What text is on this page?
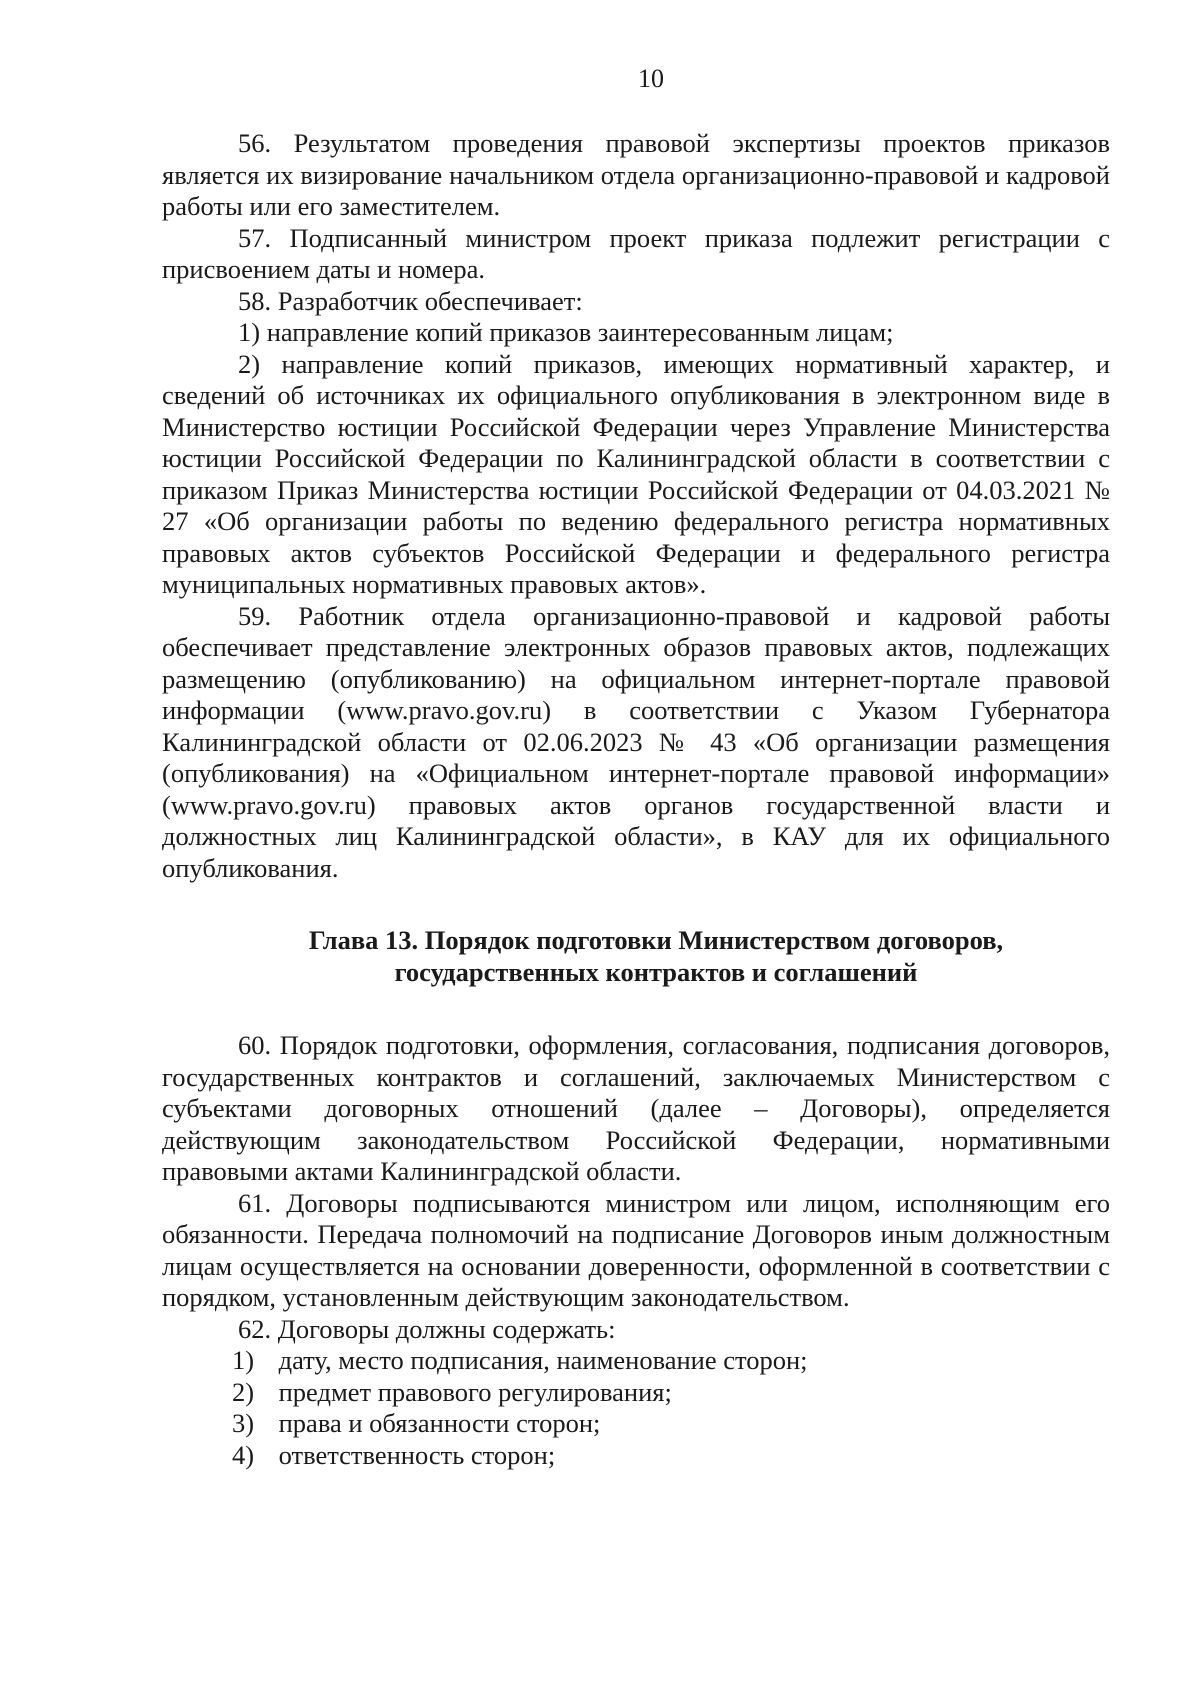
10

56. Результатом проведения правовой экспертизы проектов приказов является их визирование начальником отдела организационно-правовой и кадровой работы или его заместителем.

57. Подписанный министром проект приказа подлежит регистрации с присвоением даты и номера.

58. Разработчик обеспечивает:

1) направление копий приказов заинтересованным лицам;

2) направление копий приказов, имеющих нормативный характер, и сведений об источниках их официального опубликования в электронном виде в Министерство юстиции Российской Федерации через Управление Министерства юстиции Российской Федерации по Калининградской области в соответствии с приказом Приказ Министерства юстиции Российской Федерации от 04.03.2021 № 27 «Об организации работы по ведению федерального регистра нормативных правовых актов субъектов Российской Федерации и федерального регистра муниципальных нормативных правовых актов».

59. Работник отдела организационно-правовой и кадровой работы обеспечивает представление электронных образов правовых актов, подлежащих размещению (опубликованию) на официальном интернет-портале правовой информации (www.pravo.gov.ru) в соответствии с Указом Губернатора Калининградской области от 02.06.2023 № 43 «Об организации размещения (опубликования) на «Официальном интернет-портале правовой информации» (www.pravo.gov.ru) правовых актов органов государственной власти и должностных лиц Калининградской области», в КАУ для их официального опубликования.

Глава 13. Порядок подготовки Министерством договоров,
государственных контрактов и соглашений

60. Порядок подготовки, оформления, согласования, подписания договоров, государственных контрактов и соглашений, заключаемых Министерством с субъектами договорных отношений (далее – Договоры), определяется действующим законодательством Российской Федерации, нормативными правовыми актами Калининградской области.

61. Договоры подписываются министром или лицом, исполняющим его обязанности. Передача полномочий на подписание Договоров иным должностным лицам осуществляется на основании доверенности, оформленной в соответствии с порядком, установленным действующим законодательством.

62. Договоры должны содержать:

1) дату, место подписания, наименование сторон;

2) предмет правового регулирования;

3) права и обязанности сторон;

4) ответственность сторон;
